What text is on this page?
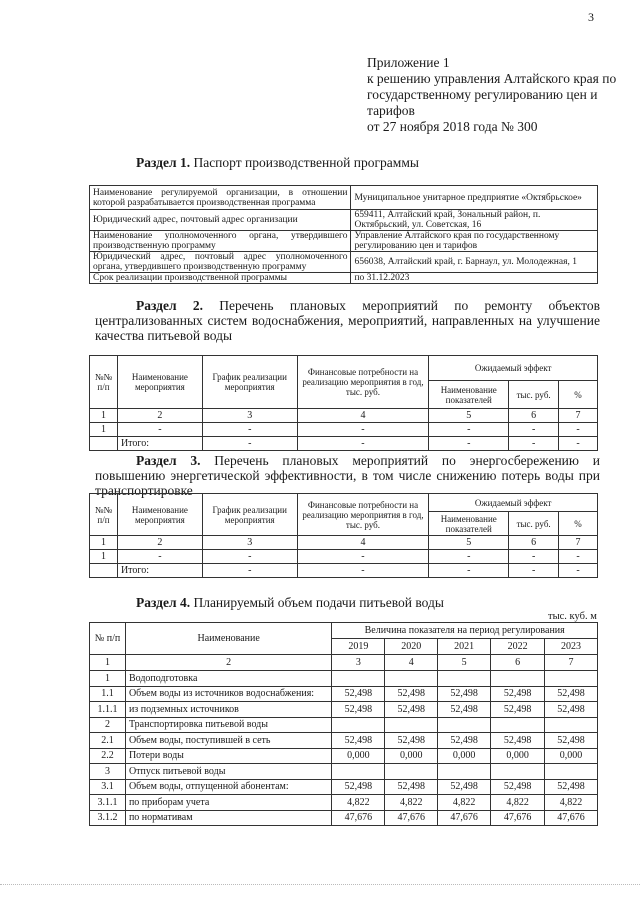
3
Приложение 1
к решению управления Алтайского края по государственному регулированию цен и тарифов
от 27 ноября 2018 года № 300
Раздел 1. Паспорт производственной программы
Наименование регулируемой организации, в отношении которой разрабатывается производственная программа	Муниципальное унитарное предприятие «Октябрьское»
Юридический адрес, почтовый адрес организации	659411, Алтайский край, Зональный район, п. Октябрьский, ул. Советская, 16
Наименование уполномоченного органа, утвердившего производственную программу	Управление Алтайского края по государственному регулированию цен и тарифов
Юридический адрес, почтовый адрес уполномоченного органа, утвердившего производственную программу	656038, Алтайский край, г. Барнаул, ул. Молодежная, 1
Срок реализации производственной программы	по 31.12.2023
Раздел 2. Перечень плановых мероприятий по ремонту объектов централизованных систем водоснабжения, мероприятий, направленных на улучшение качества питьевой воды
№№ п/п	Наименование мероприятия	График реализации мероприятия	Финансовые потребности на реализацию мероприятия в год, тыс. руб.	Ожидаемый эффект		
				Наименование показателей	тыс. руб.	%
1	2	3	4	5	6	7
1	-	-	-	-	-	-
	Итого:	-	-	-	-	-
Раздел 3. Перечень плановых мероприятий по энергосбережению и повышению энергетической эффективности, в том числе снижению потерь воды при транспортировке
№№ п/п	Наименование мероприятия	График реализации мероприятия	Финансовые потребности на реализацию мероприятия в год, тыс. руб.	Ожидаемый эффект		
				Наименование показателей	тыс. руб.	%
1	2	3	4	5	6	7
1	-	-	-	-	-	-
	Итого:	-	-	-	-	-
Раздел 4. Планируемый объем подачи питьевой воды
тыс. куб. м
№ п/п	Наименование	Величина показателя на период регулирования				
		2019	2020	2021	2022	2023
1	2	3	4	5	6	7
1	Водоподготовка					
1.1	Объем воды из источников водоснабжения:	52,498	52,498	52,498	52,498	52,498
1.1.1	из подземных источников	52,498	52,498	52,498	52,498	52,498
2	Транспортировка питьевой воды					
2.1	Объем воды, поступившей в сеть	52,498	52,498	52,498	52,498	52,498
2.2	Потери воды	0,000	0,000	0,000	0,000	0,000
3	Отпуск питьевой воды					
3.1	Объем воды, отпущенной абонентам:	52,498	52,498	52,498	52,498	52,498
3.1.1	по приборам учета	4,822	4,822	4,822	4,822	4,822
3.1.2	по нормативам	47,676	47,676	47,676	47,676	47,676
